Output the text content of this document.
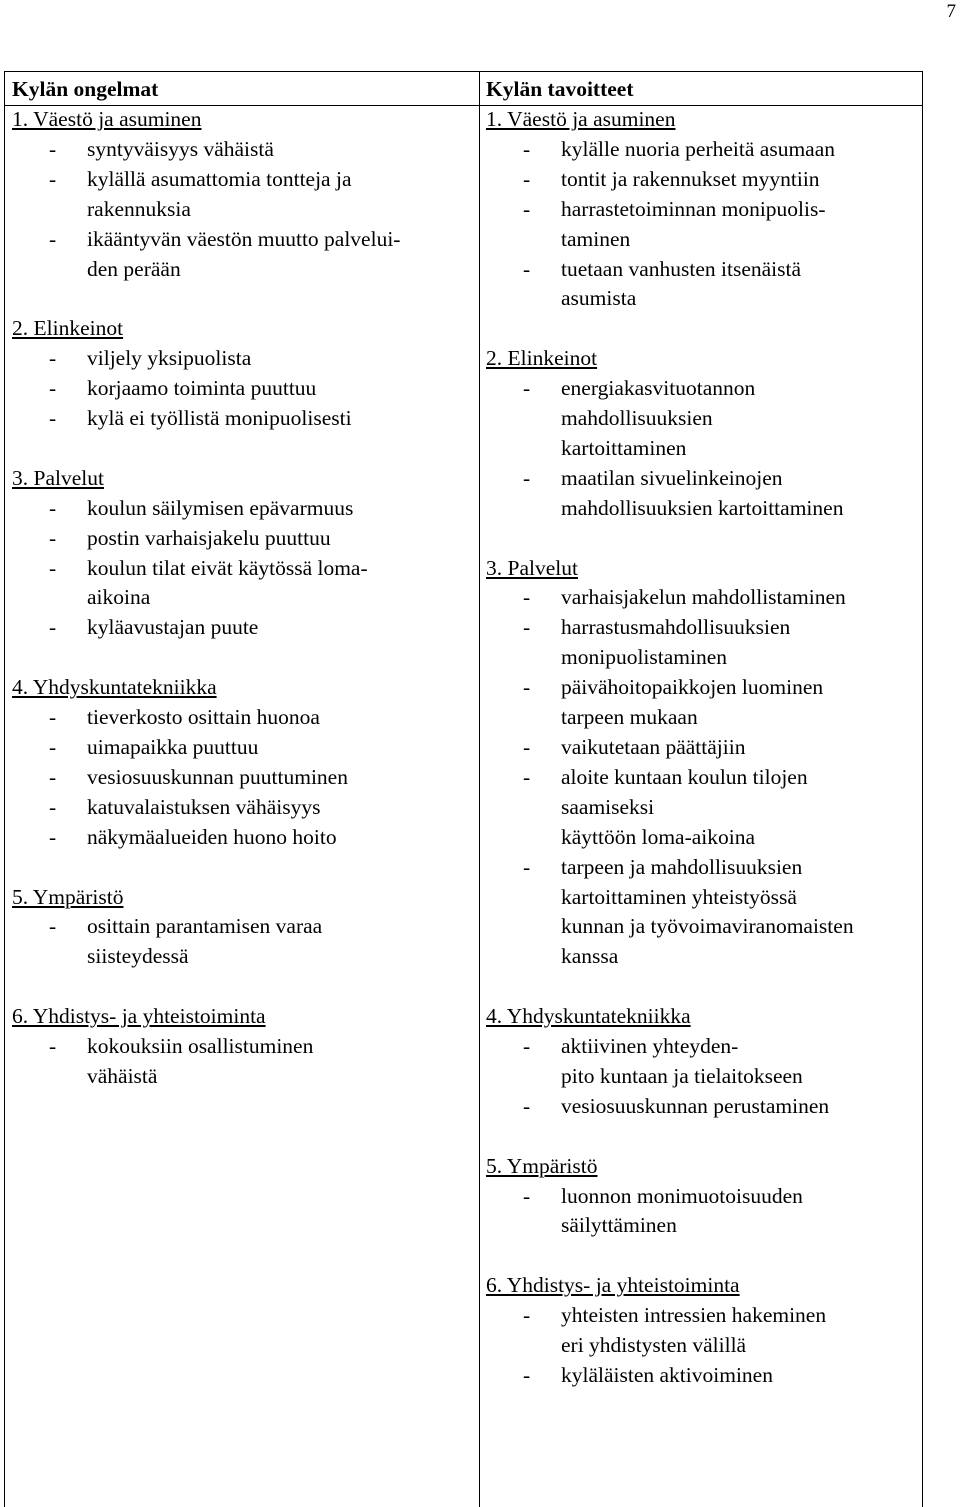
7
Kylän ongelmat
1. Väestö ja asuminen
- syntyväisyys vähäistä
- kylällä asumattomia tontteja ja
rakennuksia
- ikääntyvän väestön muutto palvelui-
den perään
2. Elinkeinot
- viljely yksipuolista
- korjaamo toiminta puuttuu
- kylä ei työllistä monipuolisesti
3. Palvelut
- koulun säilymisen epävarmuus
- postin varhaisjakelu puuttuu
- koulun tilat eivät käytössä loma-
aikoina
- kyläavustajan puute
4. Yhdyskuntatekniikka
- tieverkosto osittain huonoa
- uimapaikka puuttuu
- vesiosuuskunnan puuttuminen
- katuvalaistuksen vähäisyys
- näkymäalueiden huono hoito
5. Ympäristö
- osittain parantamisen varaa
siisteydessä
6. Yhdistys- ja yhteistoiminta
- kokouksiin osallistuminen
vähäistä
Kylän tavoitteet
1. Väestö ja asuminen
- kylälle nuoria perheitä asumaan
- tontit ja rakennukset myyntiin
- harrastetoiminnan monipuolis-
taminen
- tuetaan vanhusten itsenäistä
asumista
2. Elinkeinot
- energiakasvituotannon
mahdollisuuksien
kartoittaminen
- maatilan sivuelinkeinojen
mahdollisuuksien kartoittaminen
3. Palvelut
- varhaisjakelun mahdollistaminen
- harrastusmahdollisuuksien
monipuolistaminen
- päivähoitopaikkojen luominen
tarpeen mukaan
- vaikutetaan päättäjiin
- aloite kuntaan koulun tilojen
saamiseksi
käyttöön loma-aikoina
- tarpeen ja mahdollisuuksien
kartoittaminen yhteistyössä
kunnan ja työvoimaviranomaisten
kanssa
4. Yhdyskuntatekniikka
- aktiivinen yhteyden-
pito kuntaan ja tielaitokseen
- vesiosuuskunnan perustaminen
5. Ympäristö
- luonnon monimuotoisuuden
säilyttäminen
6. Yhdistys- ja yhteistoiminta
- yhteisten intressien hakeminen
eri yhdistysten välillä
- kyläläisten aktivoiminen
